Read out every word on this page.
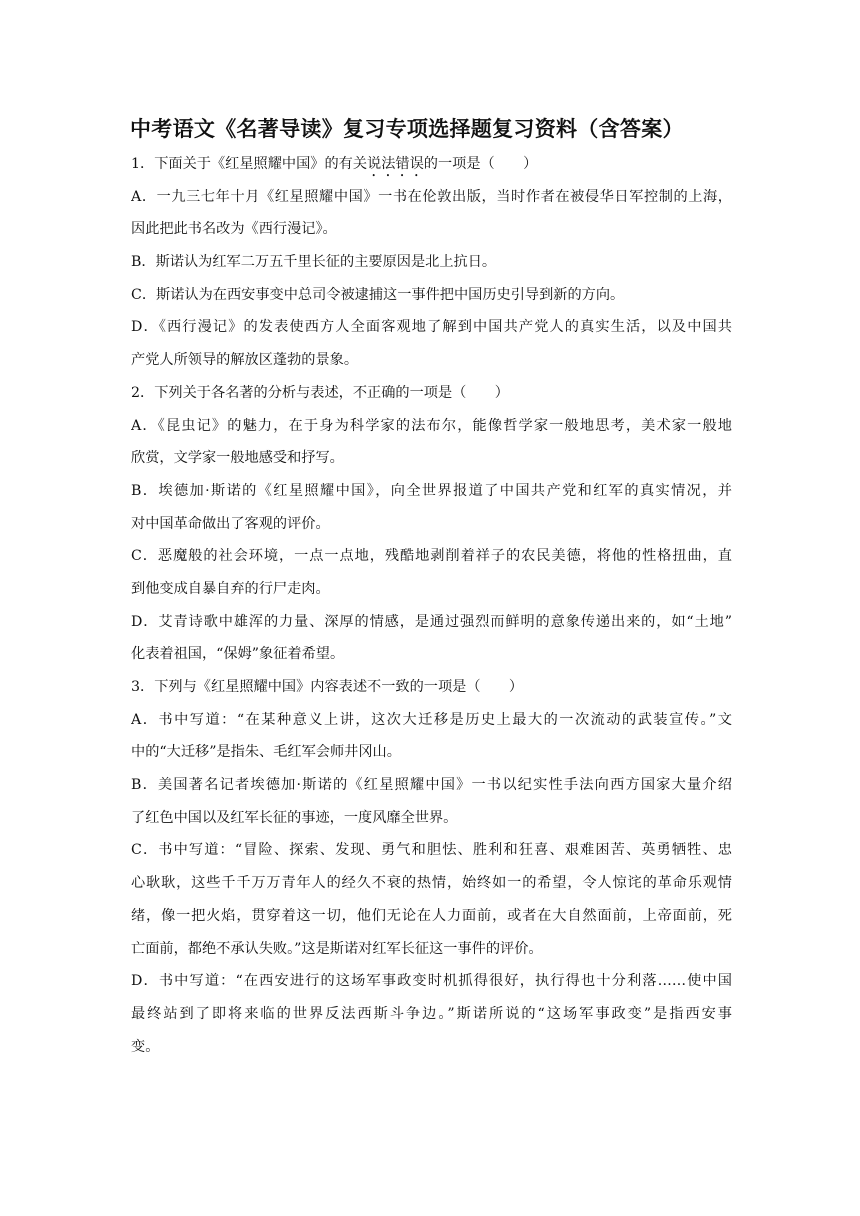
中考语文《名著导读》复习专项选择题复习资料（含答案）
1．下面关于《红星照耀中国》的有关说法错误的一项是（　　）
A．一九三七年十月《红星照耀中国》一书在伦敦出版，当时作者在被侵华日军控制的上海，
因此把此书名改为《西行漫记》。
B．斯诺认为红军二万五千里长征的主要原因是北上抗日。
C．斯诺认为在西安事变中总司令被逮捕这一事件把中国历史引导到新的方向。
D．《西行漫记》的发表使西方人全面客观地了解到中国共产党人的真实生活，以及中国共
产党人所领导的解放区蓬勃的景象。
2．下列关于各名著的分析与表述，不正确的一项是（　　）
A．《昆虫记》的魅力，在于身为科学家的法布尔，能像哲学家一般地思考，美术家一般地
欣赏，文学家一般地感受和抒写。
B．埃德加·斯诺的《红星照耀中国》，向全世界报道了中国共产党和红军的真实情况，并
对中国革命做出了客观的评价。
C．恶魔般的社会环境，一点一点地，残酷地剥削着祥子的农民美德，将他的性格扭曲，直
到他变成自暴自弃的行尸走肉。
D．艾青诗歌中雄浑的力量、深厚的情感，是通过强烈而鲜明的意象传递出来的，如“土地”
化表着祖国，“保姆”象征着希望。
3．下列与《红星照耀中国》内容表述不一致的一项是（　　）
A．书中写道：“在某种意义上讲，这次大迁移是历史上最大的一次流动的武装宣传。”文
中的“大迁移”是指朱、毛红军会师井冈山。
B．美国著名记者埃德加·斯诺的《红星照耀中国》一书以纪实性手法向西方国家大量介绍
了红色中国以及红军长征的事迹，一度风靡全世界。
C．书中写道：“冒险、探索、发现、勇气和胆怯、胜利和狂喜、艰难困苦、英勇牺牲、忠
心耿耿，这些千千万万青年人的经久不衰的热情，始终如一的希望，令人惊诧的革命乐观情
绪，像一把火焰，贯穿着这一切，他们无论在人力面前，或者在大自然面前，上帝面前，死
亡面前，都绝不承认失败。”这是斯诺对红军长征这一事件的评价。
D．书中写道：“在西安进行的这场军事政变时机抓得很好，执行得也十分利落……使中国
最终站到了即将来临的世界反法西斯斗争边。”斯诺所说的“这场军事政变”是指西安事
变。
